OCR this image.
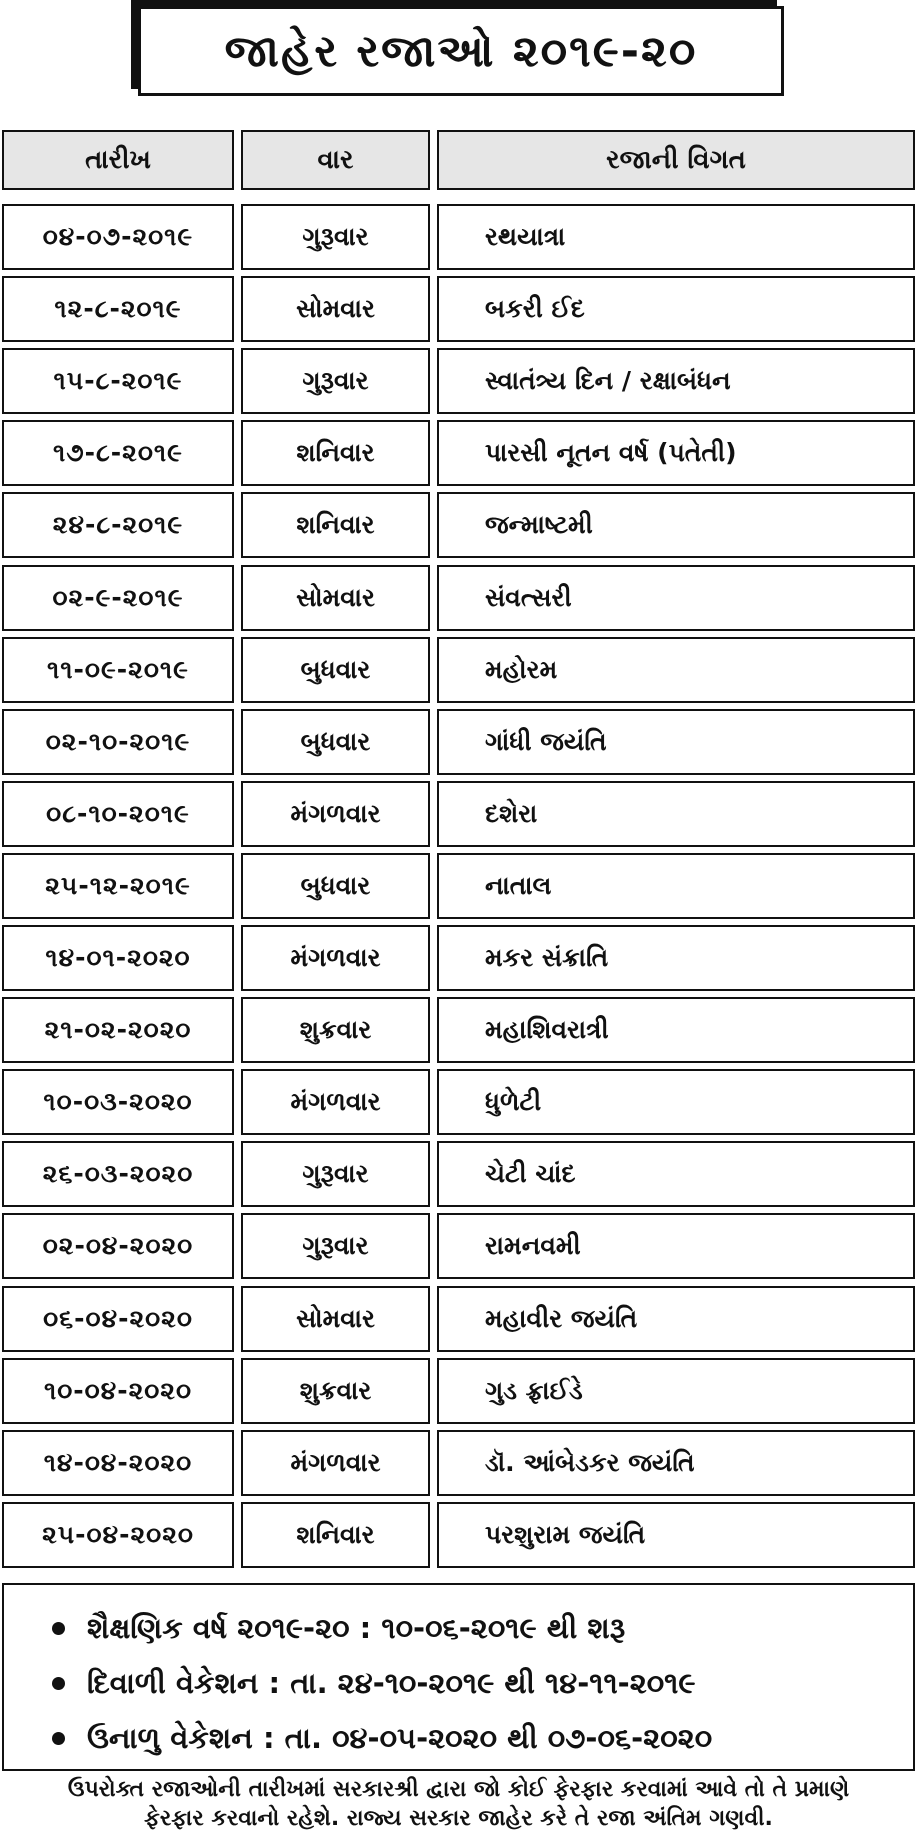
જાહેર રજાઓ ૨૦૧૯-૨૦
તારીખ	વાર	રજાની વિગત
૦૪-૦૭-૨૦૧૯	ગુરૂવાર	રથયાત્રા
૧૨-૮-૨૦૧૯	સોમવાર	બકરી ઈદ
૧૫-૮-૨૦૧૯	ગુરૂવાર	સ્વાતંત્ર્ય દિન / રક્ષાબંધન
૧૭-૮-૨૦૧૯	શનિવાર	પારસી નૂતન વર્ષ (પતેતી)
૨૪-૮-૨૦૧૯	શનિવાર	જન્માષ્ટમી
૦૨-૯-૨૦૧૯	સોમવાર	સંવત્સરી
૧૧-૦૯-૨૦૧૯	બુધવાર	મહોરમ
૦૨-૧૦-૨૦૧૯	બુધવાર	ગાંધી જયંતિ
૦૮-૧૦-૨૦૧૯	મંગળવાર	દશેરા
૨૫-૧૨-૨૦૧૯	બુધવાર	નાતાલ
૧૪-૦૧-૨૦૨૦	મંગળવાર	મકર સંક્રાતિ
૨૧-૦૨-૨૦૨૦	શુક્રવાર	મહાશિવરાત્રી
૧૦-૦૩-૨૦૨૦	મંગળવાર	ધુળેટી
૨૬-૦૩-૨૦૨૦	ગુરૂવાર	ચેટી ચાંદ
૦૨-૦૪-૨૦૨૦	ગુરૂવાર	રામનવમી
૦૬-૦૪-૨૦૨૦	સોમવાર	મહાવીર જયંતિ
૧૦-૦૪-૨૦૨૦	શુક્રવાર	ગુડ ફ્રાઈડે
૧૪-૦૪-૨૦૨૦	મંગળવાર	ડૉ. આંબેડકર જયંતિ
૨૫-૦૪-૨૦૨૦	શનિવાર	પરશુરામ જયંતિ
શૈક્ષણિક વર્ષ ૨૦૧૯-૨૦ : ૧૦-૦૬-૨૦૧૯ થી શરૂ
દિવાળી વેકેશન : તા. ૨૪-૧૦-૨૦૧૯ થી ૧૪-૧૧-૨૦૧૯
ઉનાળુ વેકેશન : તા. ૦૪-૦૫-૨૦૨૦ થી ૦૭-૦૬-૨૦૨૦
ઉપરોક્ત રજાઓની તારીખમાં સરકારશ્રી દ્વારા જો કોઈ ફેરફાર કરવામાં આવે તો તે પ્રમાણે
ફેરફાર કરવાનો રહેશે. રાજ્ય સરકાર જાહેર કરે તે રજા અંતિમ ગણવી.
